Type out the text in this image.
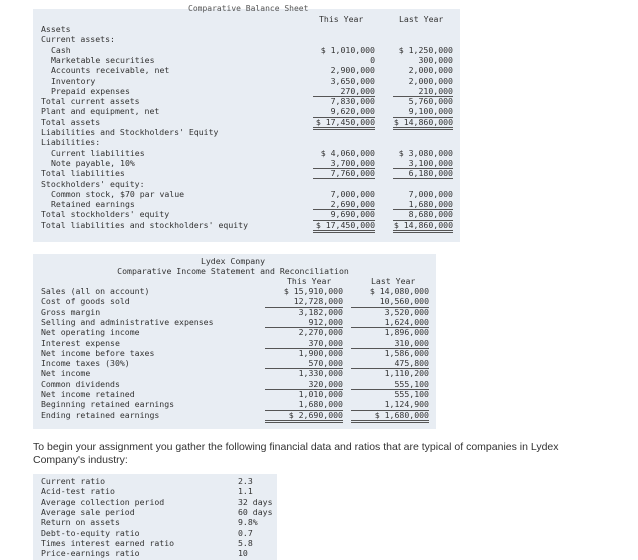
Comparative Balance Sheet
This Year	Last Year
Assets
Current assets:
Cash	$ 1,010,000	$ 1,250,000
Marketable securities	0	300,000
Accounts receivable, net	2,900,000	2,000,000
Inventory	3,650,000	2,000,000
Prepaid expenses	270,000	210,000
Total current assets	7,830,000	5,760,000
Plant and equipment, net	9,620,000	9,100,000
Total assets	$ 17,450,000 $ 14,860,000
Liabilities and Stockholders' Equity
Liabilities:
Current liabilities	$ 4,060,000	$ 3,080,000
Note payable, 10%	3,700,000	3,100,000
Total liabilities	7,760,000	6,180,000
Stockholders' equity:
Common stock, $70 par value	7,000,000	7,000,000
Retained earnings	2,690,000	1,680,000
Total stockholders' equity	9,690,000	8,680,000
Total liabilities and stockholders' equity	$ 17,450,000 $ 14,860,000
Lydex Company
Comparative Income Statement and Reconciliation
This Year	Last Year
Sales (all on account)	$ 15,910,000	$ 14,080,000
Cost of goods sold	12,728,000	10,560,000
Gross margin	3,182,000	3,520,000
Selling and administrative expenses	912,000	1,624,000
Net operating income	2,270,000	1,896,000
Interest expense	370,000	310,000
Net income before taxes	1,900,000	1,586,000
Income taxes (30%)	570,000	475,800
Net income	1,330,000	1,110,200
Common dividends	320,000	555,100
Net income retained	1,010,000	555,100
Beginning retained earnings	1,680,000	1,124,900
Ending retained earnings	$ 2,690,000	$ 1,680,000
To begin your assignment you gather the following financial data and ratios that are typical of companies in Lydex Company's industry:
Current ratio	2.3
Acid-test ratio	1.1
Average collection period	32 days
Average sale period	60 days
Return on assets	9.8%
Debt-to-equity ratio	0.7
Times interest earned ratio	5.8
Price-earnings ratio	10
